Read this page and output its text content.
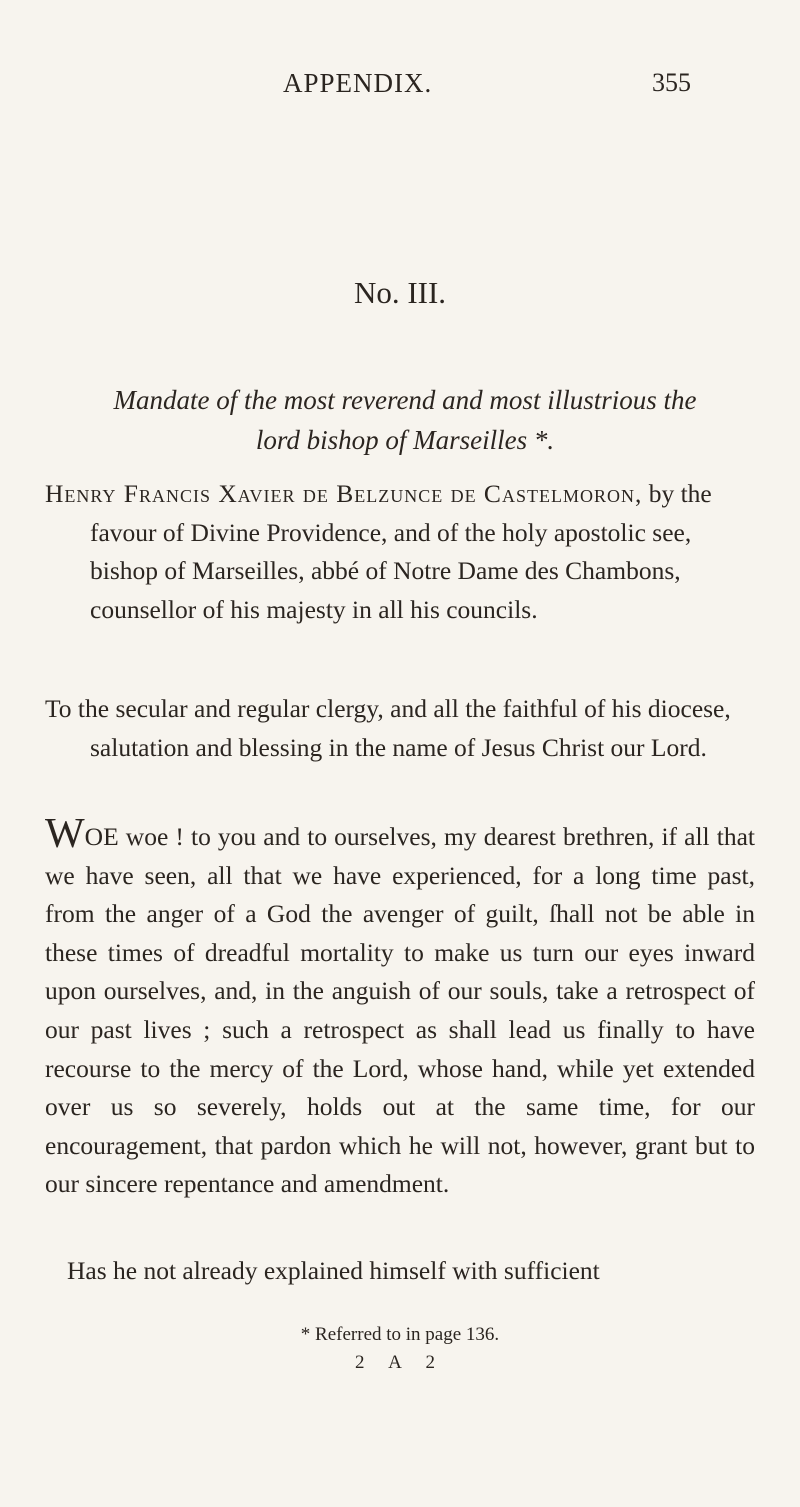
APPENDIX.	355
No. III.
Mandate of the most reverend and most illustrious the lord bishop of Marseilles *.
Henry Francis Xavier de Belzunce de Castelmoron, by the favour of Divine Providence, and of the holy apostolic see, bishop of Marseilles, abbé of Notre Dame des Chambons, counsellor of his majesty in all his councils.
To the secular and regular clergy, and all the faithful of his diocese, salutation and blessing in the name of Jesus Christ our Lord.
WOE woe ! to you and to ourselves, my dearest brethren, if all that we have seen, all that we have experienced, for a long time past, from the anger of a God the avenger of guilt, ſhall not be able in these times of dreadful mortality to make us turn our eyes inward upon ourselves, and, in the anguish of our souls, take a retrospect of our past lives ; such a retrospect as shall lead us finally to have recourse to the mercy of the Lord, whose hand, while yet extended over us so severely, holds out at the same time, for our encouragement, that pardon which he will not, however, grant but to our sincere repentance and amendment.
Has he not already explained himself with sufficient
* Referred to in page 136.
2 A 2
